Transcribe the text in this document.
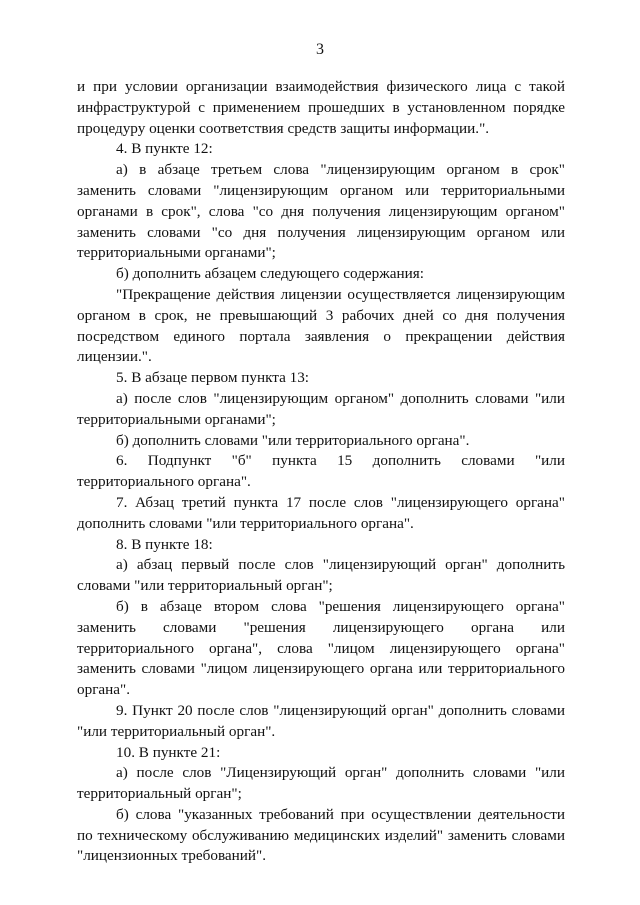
3

и при условии организации взаимодействия физического лица с такой инфраструктурой с применением прошедших в установленном порядке процедуру оценки соответствия средств защиты информации.".

4. В пункте 12:

а) в абзаце третьем слова "лицензирующим органом в срок" заменить словами "лицензирующим органом или территориальными органами в срок", слова "со дня получения лицензирующим органом" заменить словами "со дня получения лицензирующим органом или территориальными органами";

б) дополнить абзацем следующего содержания:

"Прекращение действия лицензии осуществляется лицензирующим органом в срок, не превышающий 3 рабочих дней со дня получения посредством единого портала заявления о прекращении действия лицензии.".

5. В абзаце первом пункта 13:

а) после слов "лицензирующим органом" дополнить словами "или территориальными органами";

б) дополнить словами "или территориального органа".

6. Подпункт "б" пункта 15 дополнить словами "или территориального органа".

7. Абзац третий пункта 17 после слов "лицензирующего органа" дополнить словами "или территориального органа".

8. В пункте 18:

а) абзац первый после слов "лицензирующий орган" дополнить словами "или территориальный орган";

б) в абзаце втором слова "решения лицензирующего органа" заменить словами "решения лицензирующего органа или территориального органа", слова "лицом лицензирующего органа" заменить словами "лицом лицензирующего органа или территориального органа".

9. Пункт 20 после слов "лицензирующий орган" дополнить словами "или территориальный орган".

10. В пункте 21:

а) после слов "Лицензирующий орган" дополнить словами "или территориальный орган";

б) слова "указанных требований при осуществлении деятельности по техническому обслуживанию медицинских изделий" заменить словами "лицензионных требований".
